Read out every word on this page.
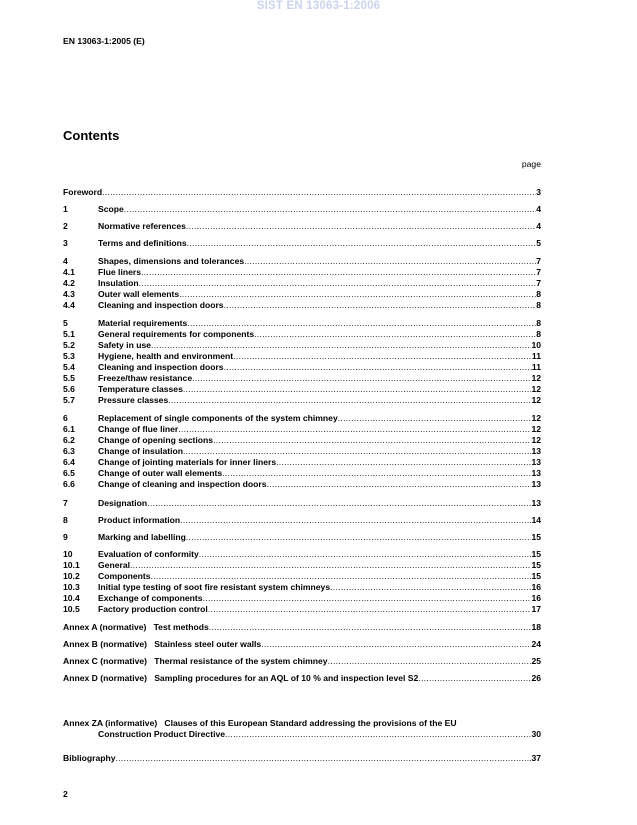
SIST EN 13063-1:2006
EN 13063-1:2005 (E)
Contents
page
Foreword .....	3
1	Scope .....	4
2	Normative references .....	4
3	Terms and definitions .....	5
4	Shapes, dimensions and tolerances .....	7
4.1	Flue liners .....	7
4.2	Insulation .....	7
4.3	Outer wall elements .....	8
4.4	Cleaning and inspection doors .....	8
5	Material requirements .....	8
5.1	General requirements for components .....	8
5.2	Safety in use .....	10
5.3	Hygiene, health and environment .....	11
5.4	Cleaning and inspection doors .....	11
5.5	Freeze/thaw resistance .....	12
5.6	Temperature classes .....	12
5.7	Pressure classes .....	12
6	Replacement of single components of the system chimney .....	12
6.1	Change of flue liner .....	12
6.2	Change of opening sections .....	12
6.3	Change of insulation .....	13
6.4	Change of jointing materials for inner liners .....	13
6.5	Change of outer wall elements .....	13
6.6	Change of cleaning and inspection doors .....	13
7	Designation .....	13
8	Product information .....	14
9	Marking and labelling .....	15
10	Evaluation of conformity .....	15
10.1	General .....	15
10.2	Components .....	15
10.3	Initial type testing of soot fire resistant system chimneys .....	16
10.4	Exchange of components .....	16
10.5	Factory production control .....	17
Annex A (normative)   Test methods .....	18
Annex B (normative)   Stainless steel outer walls .....	24
Annex C (normative)   Thermal resistance of the system chimney .....	25
Annex D (normative)   Sampling procedures for an AQL of 10 % and inspection level S2 .....	26
Annex ZA (informative)   Clauses of this European Standard addressing the provisions of the EU
Construction Product Directive .....	30
Bibliography .....	37
2
